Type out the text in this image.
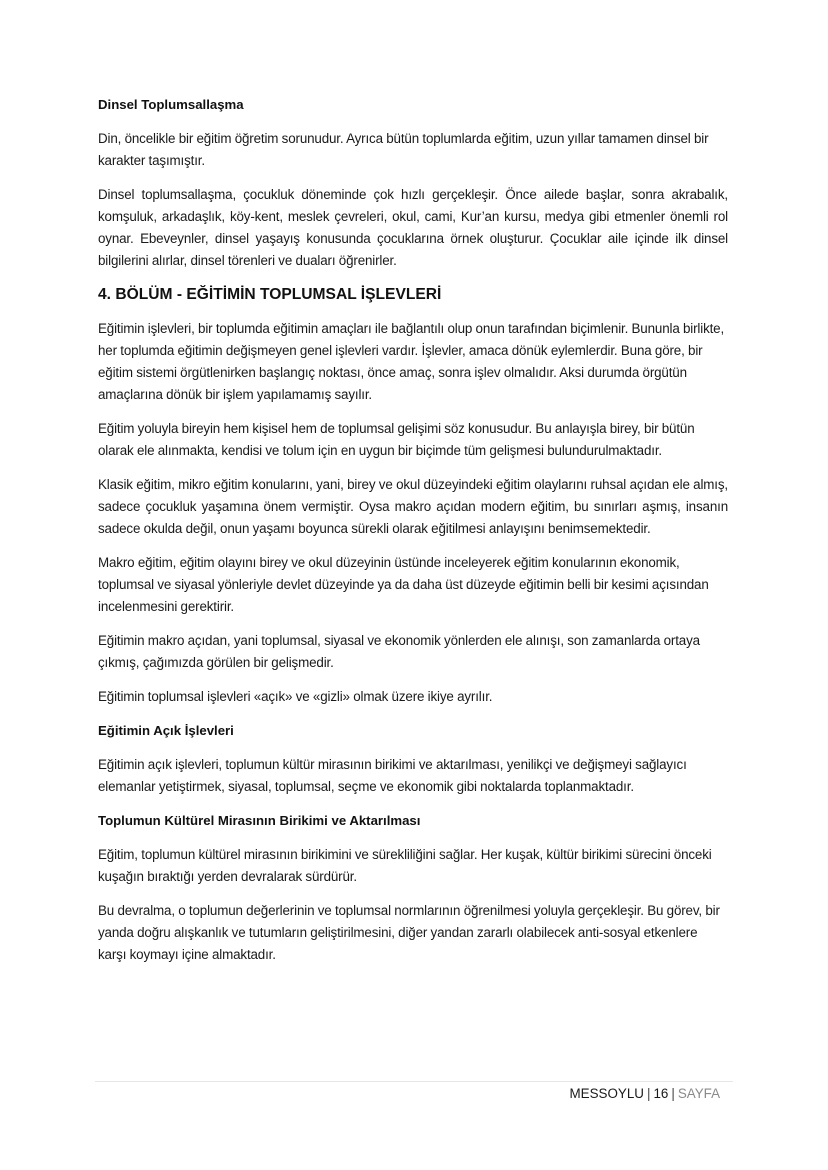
Dinsel Toplumsallaşma

Din, öncelikle bir eğitim öğretim sorunudur. Ayrıca bütün toplumlarda eğitim, uzun yıllar tamamen dinsel bir karakter taşımıştır.

Dinsel toplumsallaşma, çocukluk döneminde çok hızlı gerçekleşir. Önce ailede başlar, sonra akrabalık, komşuluk, arkadaşlık, köy-kent, meslek çevreleri, okul, cami, Kur’an kursu, medya gibi etmenler önemli rol oynar. Ebeveynler, dinsel yaşayış konusunda çocuklarına örnek oluşturur. Çocuklar aile içinde ilk dinsel bilgilerini alırlar, dinsel törenleri ve duaları öğrenirler.

4. BÖLÜM - EĞİTİMİN TOPLUMSAL İŞLEVLERİ

Eğitimin işlevleri, bir toplumda eğitimin amaçları ile bağlantılı olup onun tarafından biçimlenir. Bununla birlikte, her toplumda eğitimin değişmeyen genel işlevleri vardır. İşlevler, amaca dönük eylemlerdir. Buna göre, bir eğitim sistemi örgütlenirken başlangıç noktası, önce amaç, sonra işlev olmalıdır. Aksi durumda örgütün amaçlarına dönük bir işlem yapılamamış sayılır.

Eğitim yoluyla bireyin hem kişisel hem de toplumsal gelişimi söz konusudur. Bu anlayışla birey, bir bütün olarak ele alınmakta, kendisi ve tolum için en uygun bir biçimde tüm gelişmesi bulundurulmaktadır.

Klasik eğitim, mikro eğitim konularını, yani, birey ve okul düzeyindeki eğitim olaylarını ruhsal açıdan ele almış, sadece çocukluk yaşamına önem vermiştir. Oysa makro açıdan modern eğitim, bu sınırları aşmış, insanın sadece okulda değil, onun yaşamı boyunca sürekli olarak eğitilmesi anlayışını benimsemektedir.

Makro eğitim, eğitim olayını birey ve okul düzeyinin üstünde inceleyerek eğitim konularının ekonomik, toplumsal ve siyasal yönleriyle devlet düzeyinde ya da daha üst düzeyde eğitimin belli bir kesimi açısından incelenmesini gerektirir.

Eğitimin makro açıdan, yani toplumsal, siyasal ve ekonomik yönlerden ele alınışı, son zamanlarda ortaya çıkmış, çağımızda görülen bir gelişmedir.

Eğitimin toplumsal işlevleri «açık» ve «gizli» olmak üzere ikiye ayrılır.

Eğitimin Açık İşlevleri

Eğitimin açık işlevleri, toplumun kültür mirasının birikimi ve aktarılması, yenilikçi ve değişmeyi sağlayıcı elemanlar yetiştirmek, siyasal, toplumsal, seçme ve ekonomik gibi noktalarda toplanmaktadır.

Toplumun Kültürel Mirasının Birikimi ve Aktarılması

Eğitim, toplumun kültürel mirasının birikimini ve sürekliliğini sağlar. Her kuşak, kültür birikimi sürecini önceki kuşağın bıraktığı yerden devralarak sürdürür.

Bu devralma, o toplumun değerlerinin ve toplumsal normlarının öğrenilmesi yoluyla gerçekleşir. Bu görev, bir yanda doğru alışkanlık ve tutumların geliştirilmesini, diğer yandan zararlı olabilecek anti-sosyal etkenlere karşı koymayı içine almaktadır.

MESSOYLU | 16 | SAYFA
